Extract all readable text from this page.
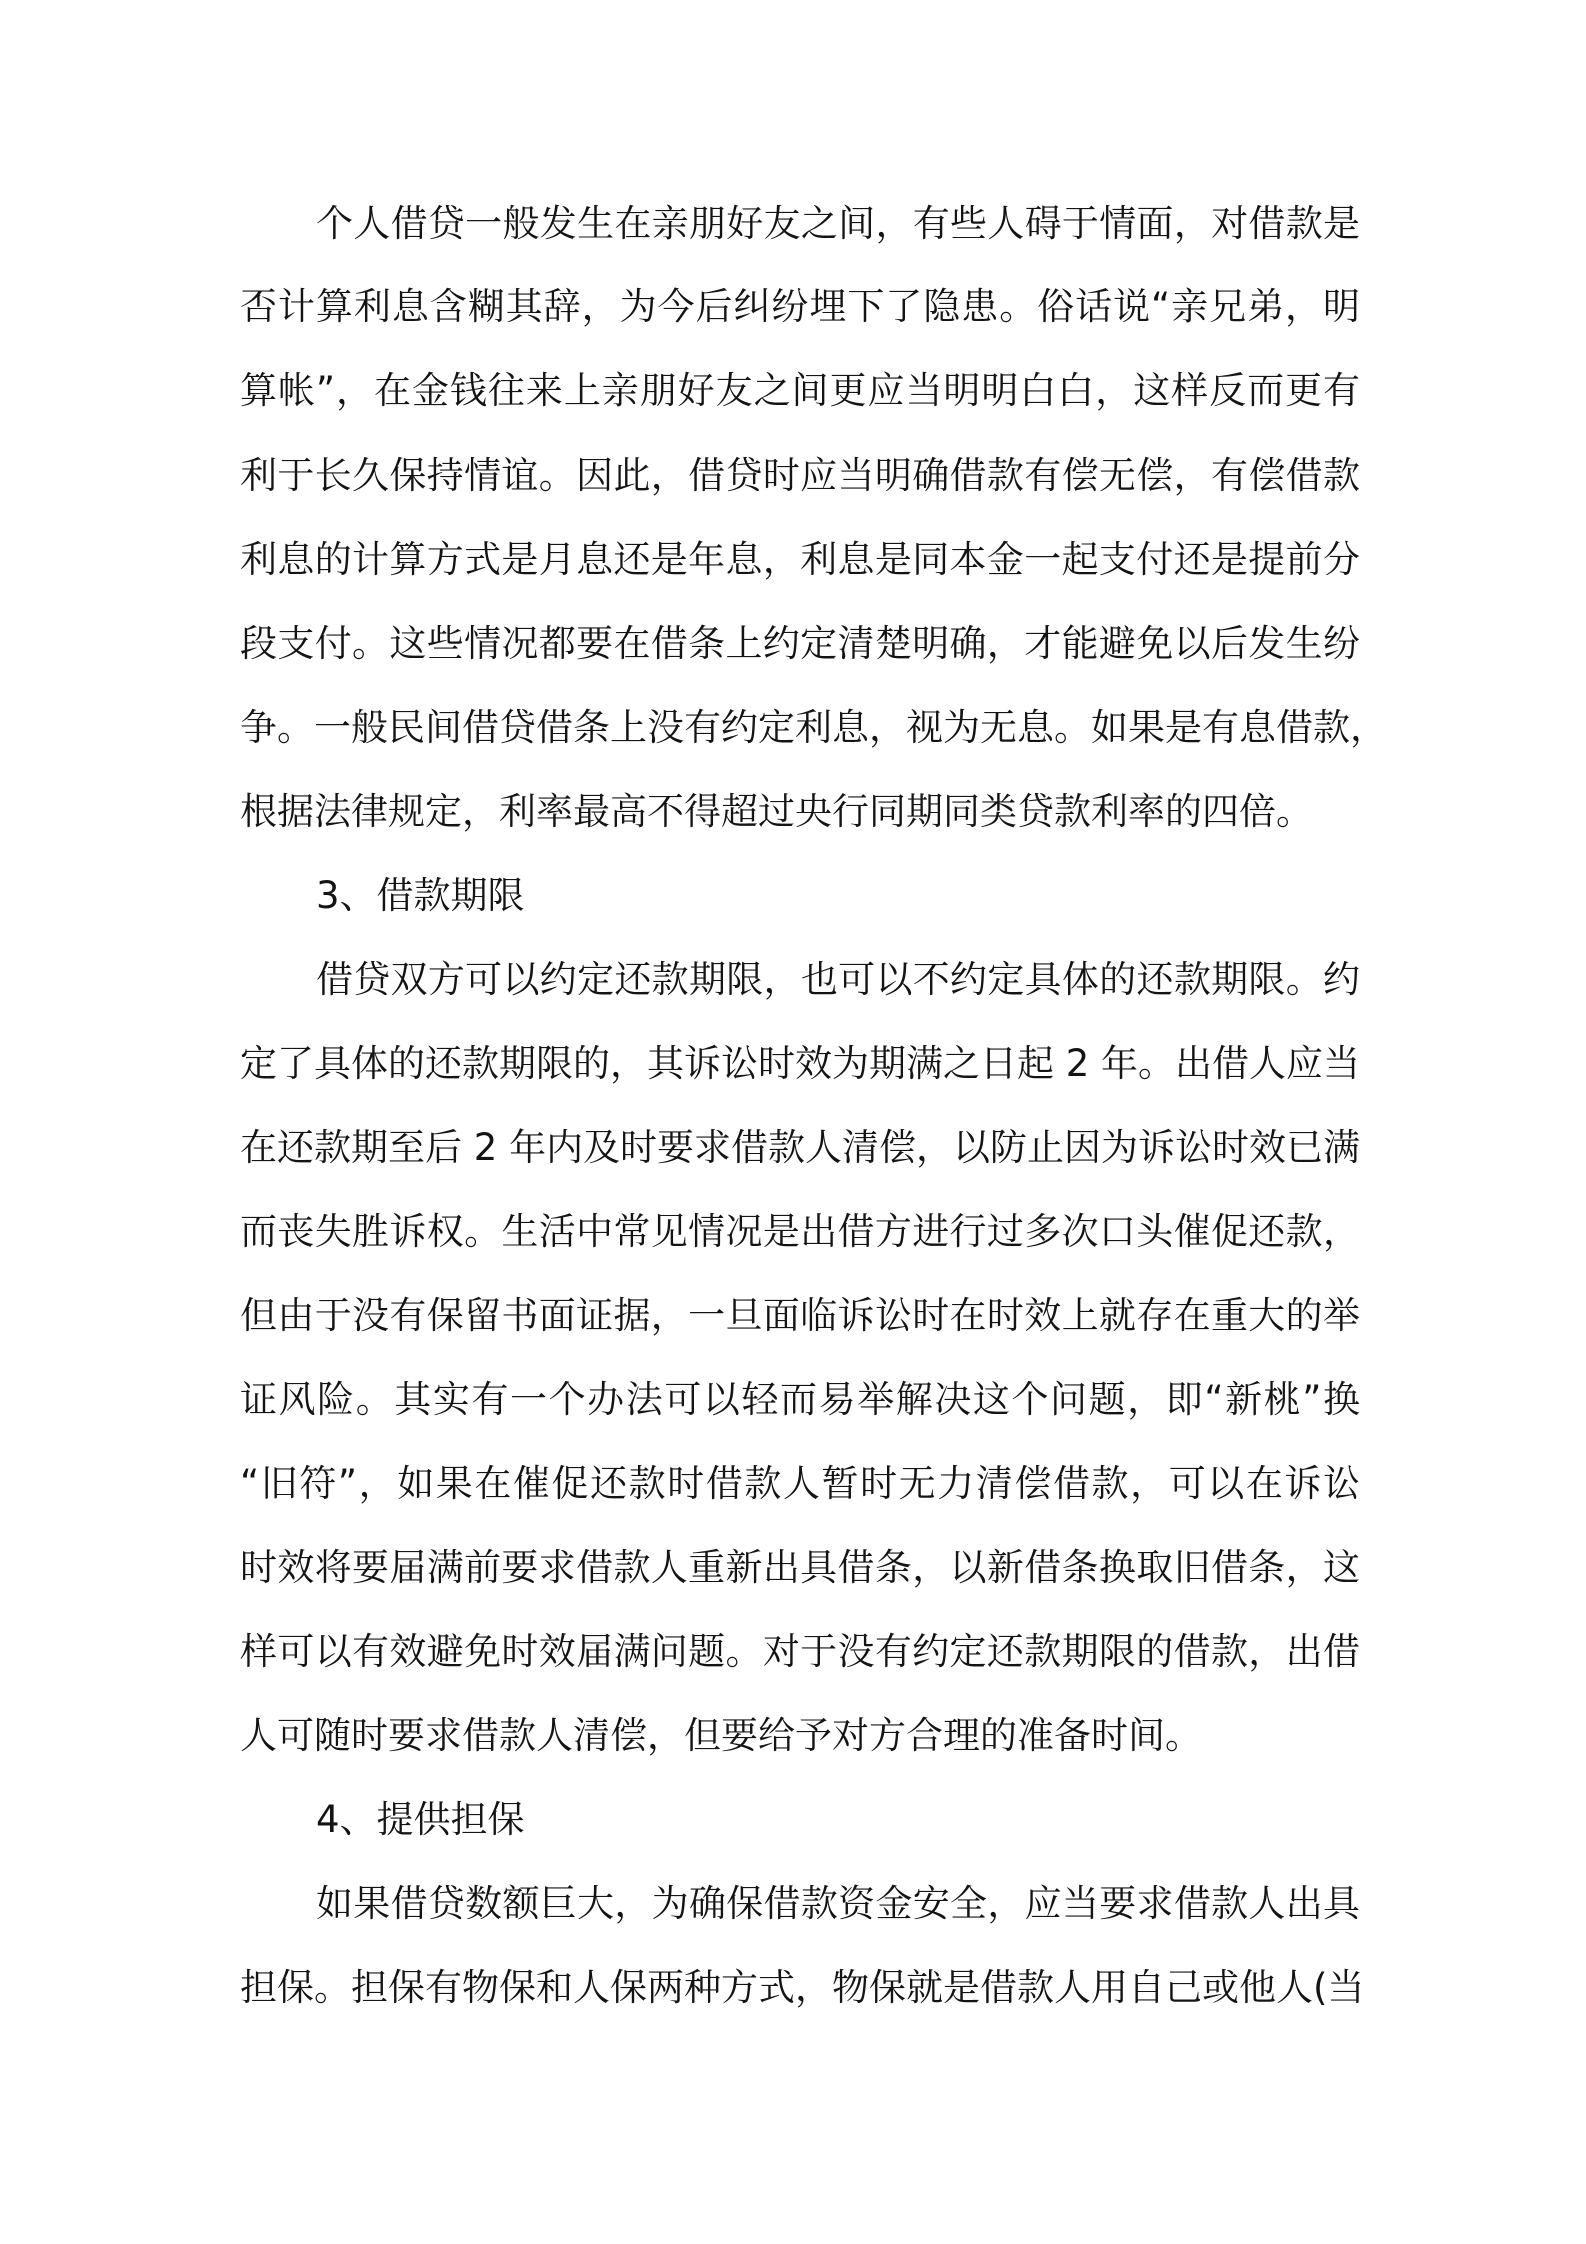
个人借贷一般发生在亲朋好友之间，有些人碍于情面，对借款是
否计算利息含糊其辞，为今后纠纷埋下了隐患。俗话说“亲兄弟，明
算帐”，在金钱往来上亲朋好友之间更应当明明白白，这样反而更有
利于长久保持情谊。因此，借贷时应当明确借款有偿无偿，有偿借款
利息的计算方式是月息还是年息，利息是同本金一起支付还是提前分
段支付。这些情况都要在借条上约定清楚明确，才能避免以后发生纷
争。一般民间借贷借条上没有约定利息，视为无息。如果是有息借款，
根据法律规定，利率最高不得超过央行同期同类贷款利率的四倍。
3、借款期限
借贷双方可以约定还款期限，也可以不约定具体的还款期限。约
定了具体的还款期限的，其诉讼时效为期满之日起 2 年。出借人应当
在还款期至后 2 年内及时要求借款人清偿，以防止因为诉讼时效已满
而丧失胜诉权。生活中常见情况是出借方进行过多次口头催促还款，
但由于没有保留书面证据，一旦面临诉讼时在时效上就存在重大的举
证风险。其实有一个办法可以轻而易举解决这个问题，即“新桃”换
“旧符”，如果在催促还款时借款人暂时无力清偿借款，可以在诉讼
时效将要届满前要求借款人重新出具借条，以新借条换取旧借条，这
样可以有效避免时效届满问题。对于没有约定还款期限的借款，出借
人可随时要求借款人清偿，但要给予对方合理的准备时间。
4、提供担保
如果借贷数额巨大，为确保借款资金安全，应当要求借款人出具
担保。担保有物保和人保两种方式，物保就是借款人用自己或他人(当
